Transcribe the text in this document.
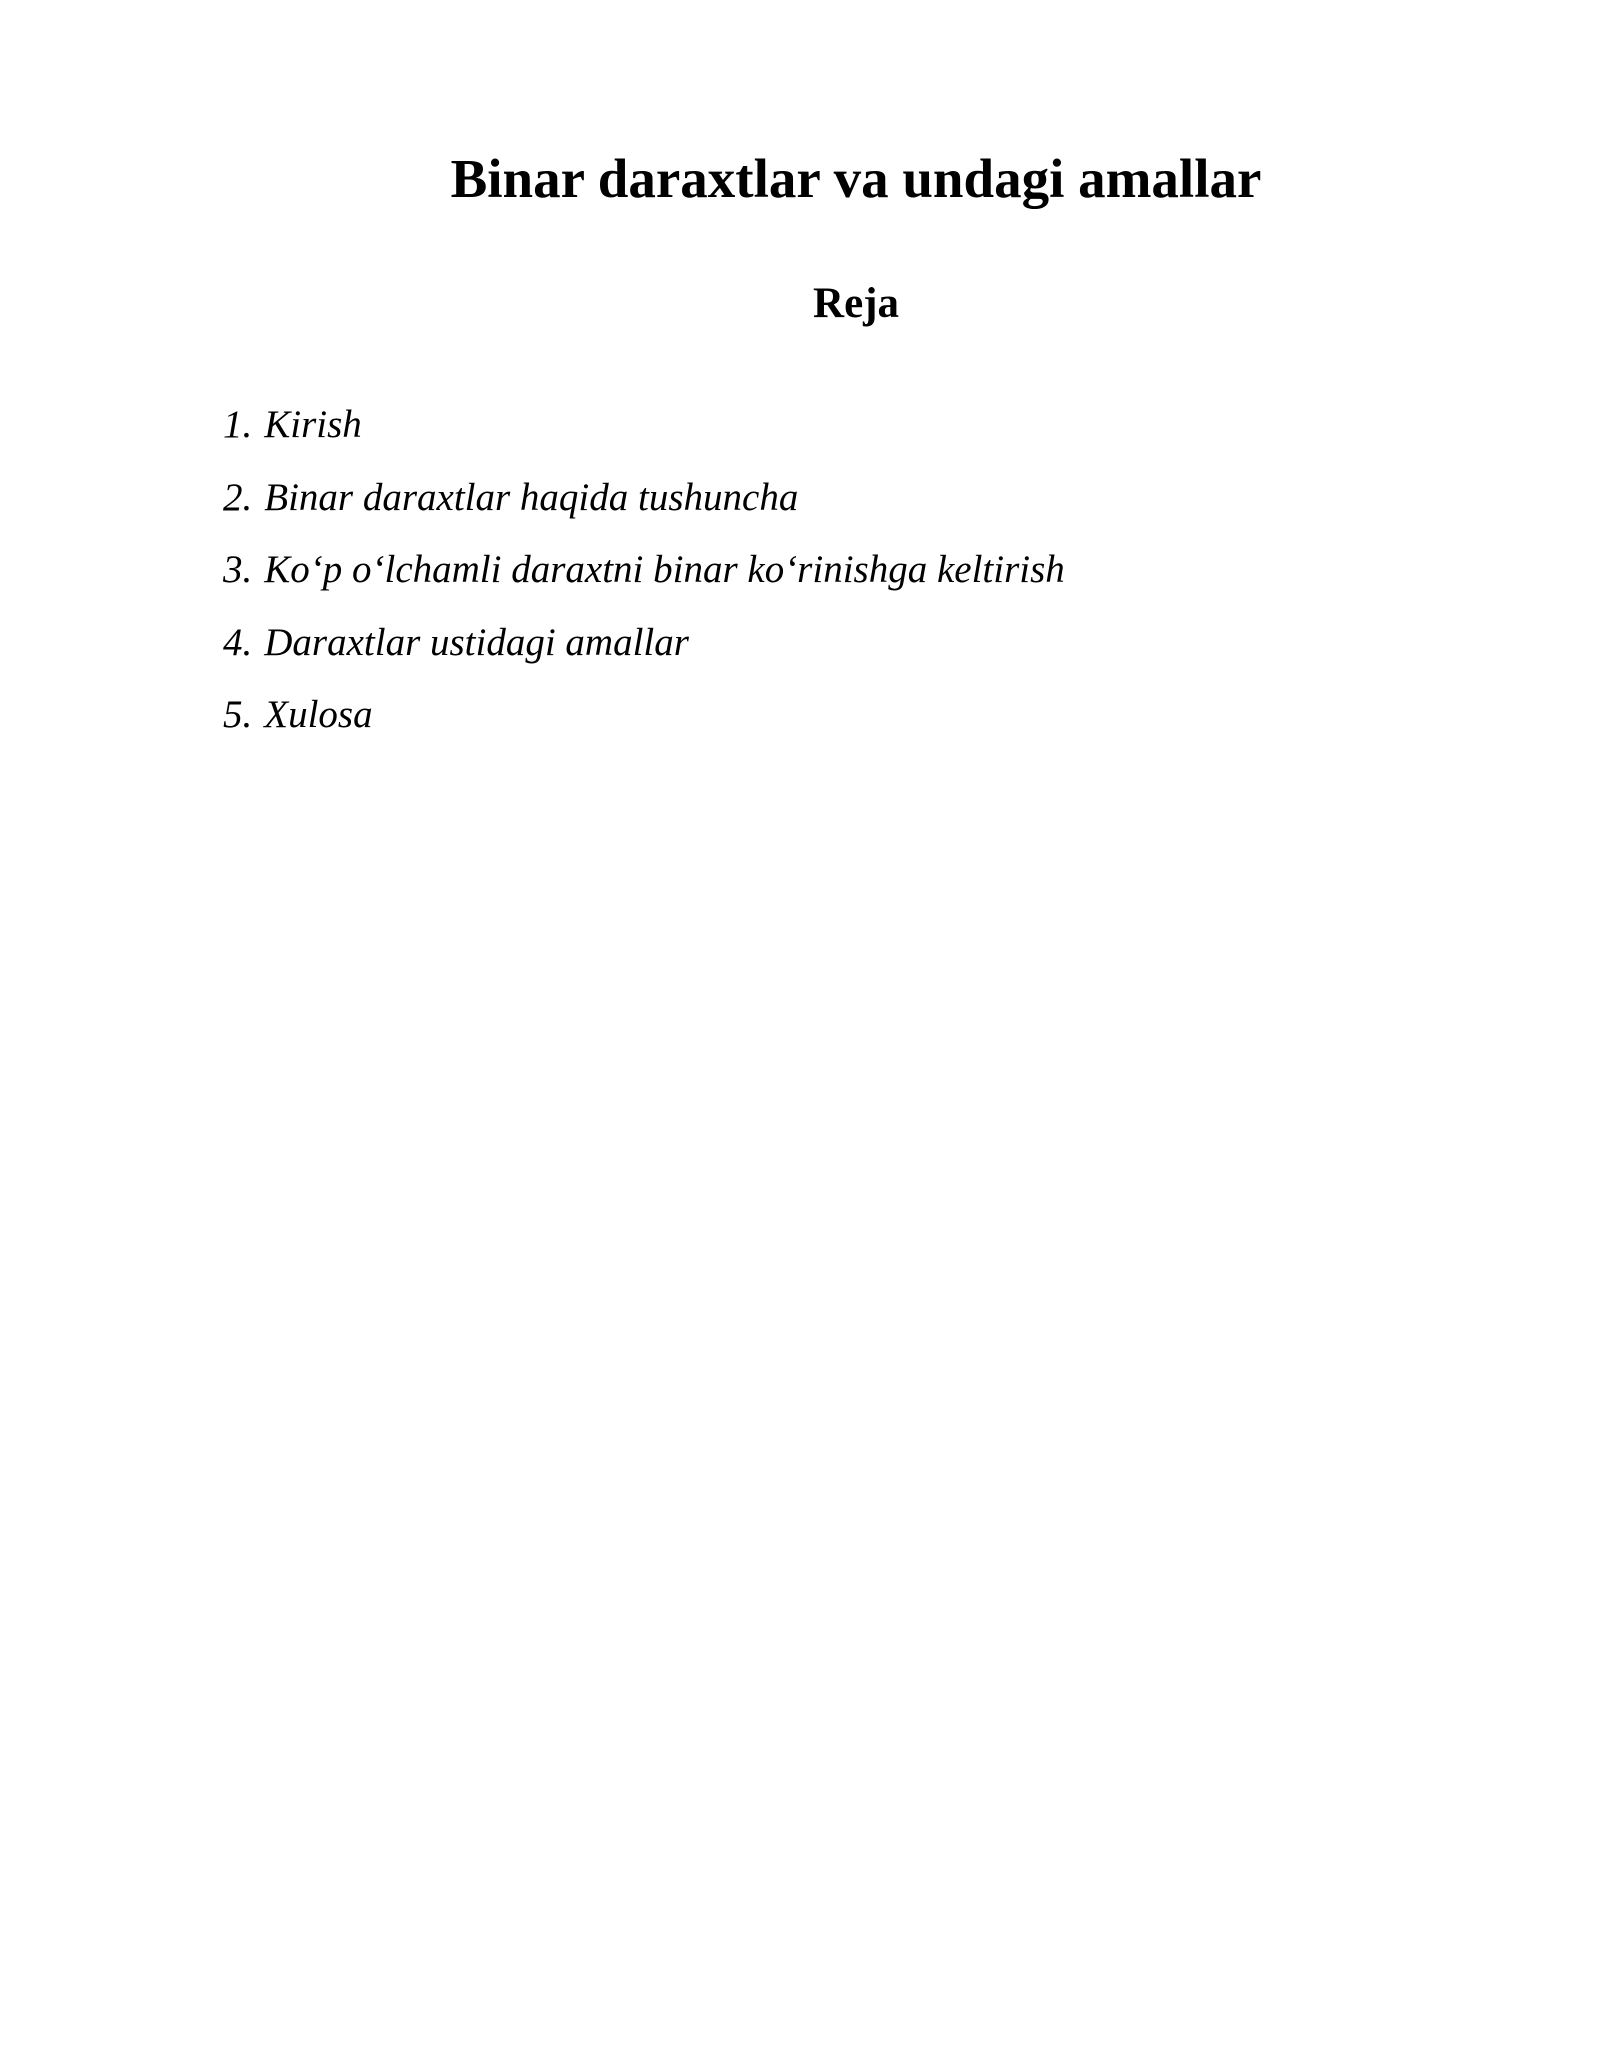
Binar daraxtlar va undagi amallar
Reja
1. Kirish
2. Binar daraxtlar haqida tushuncha
3. Ko‘p o‘lchamli daraxtni binar ko‘rinishga keltirish
4. Daraxtlar ustidagi amallar
5. Xulosa
